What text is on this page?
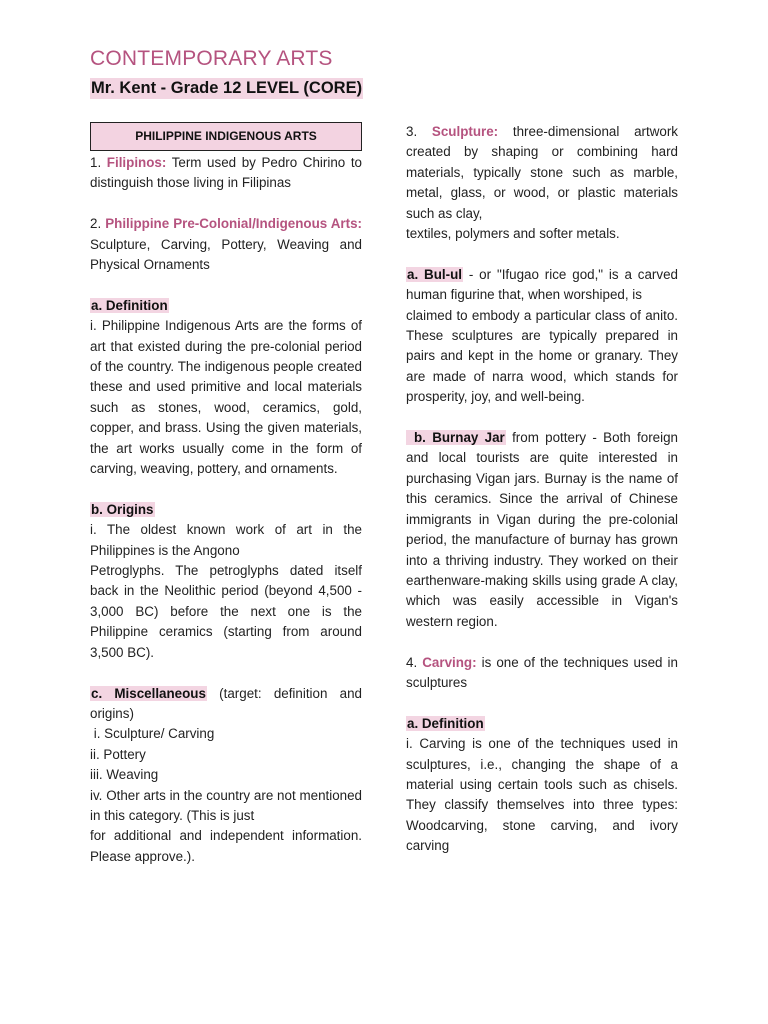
CONTEMPORARY ARTS
Mr. Kent - Grade 12 LEVEL (CORE)
PHILIPPINE INDIGENOUS ARTS

1. Filipinos: Term used by Pedro Chirino to distinguish those living in Filipinas

2. Philippine Pre-Colonial/Indigenous Arts: Sculpture, Carving, Pottery, Weaving and Physical Ornaments

a. Definition

i. Philippine Indigenous Arts are the forms of art that existed during the pre-colonial period of the country. The indigenous people created these and used primitive and local materials such as stones, wood, ceramics, gold, copper, and brass. Using the given materials, the art works usually come in the form of carving, weaving, pottery, and ornaments.

b. Origins

i. The oldest known work of art in the Philippines is the Angono

Petroglyphs. The petroglyphs dated itself back in the Neolithic period (beyond 4,500 - 3,000 BC) before the next one is the Philippine ceramics (starting from around 3,500 BC).

c. Miscellaneous (target: definition and origins)

i. Sculpture/ Carving

ii. Pottery

iii. Weaving

iv. Other arts in the country are not mentioned in this category. (This is just

for additional and independent information. Please approve.).

3. Sculpture: three-dimensional artwork created by shaping or combining hard materials, typically stone such as marble, metal, glass, or wood, or plastic materials such as clay,

textiles, polymers and softer metals.

a. Bul-ul - or "Ifugao rice god," is a carved human figurine that, when worshiped, is

claimed to embody a particular class of anito. These sculptures are typically prepared in pairs and kept in the home or granary. They are made of narra wood, which stands for prosperity, joy, and well-being.

b. Burnay Jar from pottery - Both foreign and local tourists are quite interested in purchasing Vigan jars. Burnay is the name of this ceramics. Since the arrival of Chinese immigrants in Vigan during the pre-colonial period, the manufacture of burnay has grown into a thriving industry. They worked on their earthenware-making skills using grade A clay, which was easily accessible in Vigan's western region.

4. Carving: is one of the techniques used in sculptures

a. Definition

i. Carving is one of the techniques used in sculptures, i.e., changing the shape of a material using certain tools such as chisels. They classify themselves into three types: Woodcarving, stone carving, and ivory carving
